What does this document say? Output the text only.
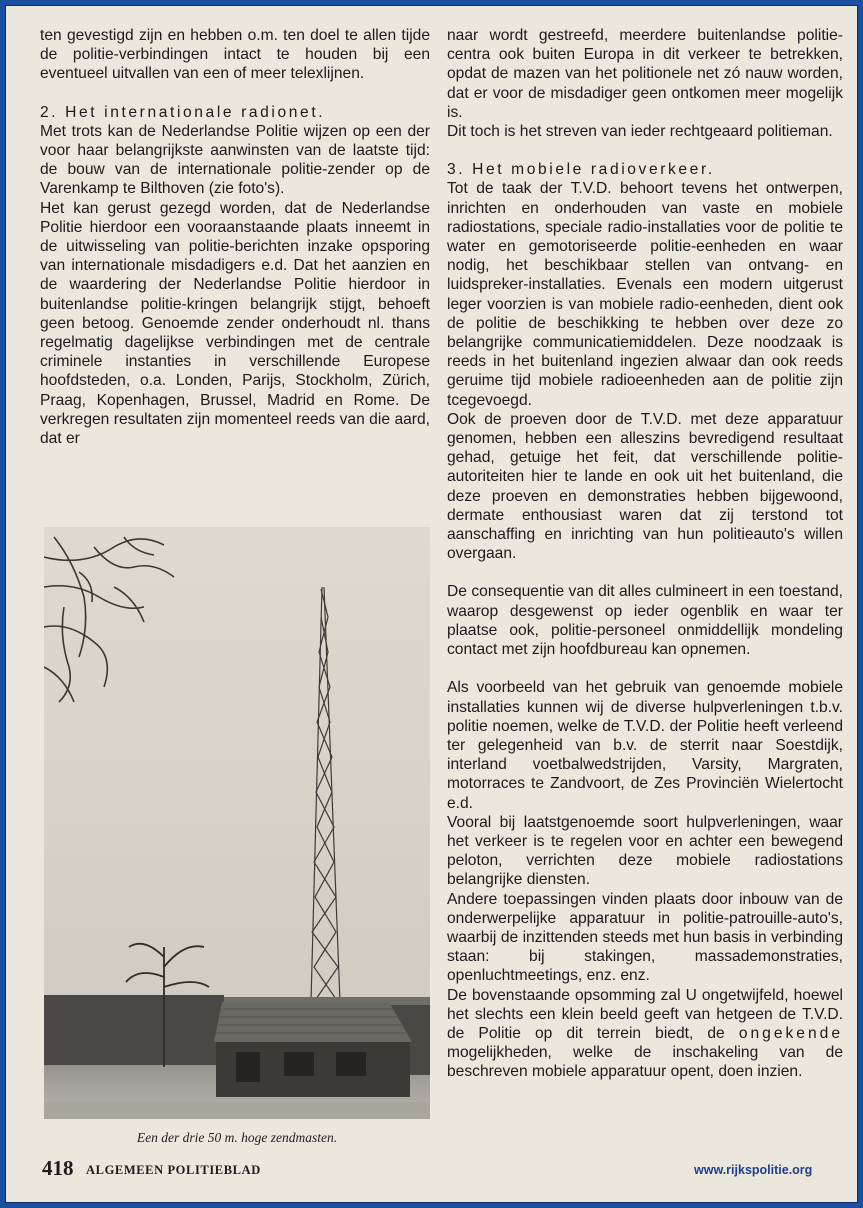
ten gevestigd zijn en hebben o.m. ten doel te allen tijde de politie-verbindingen intact te houden bij een eventueel uitvallen van een of meer telexlijnen.

2. Het internationale radionet.

Met trots kan de Nederlandse Politie wijzen op een der voor haar belangrijkste aanwinsten van de laatste tijd: de bouw van de internationale politie-zender op de Varenkamp te Bilthoven (zie foto's).

Het kan gerust gezegd worden, dat de Nederlandse Politie hierdoor een vooraanstaande plaats inneemt in de uitwisseling van politie-berichten inzake opsporing van internationale misdadigers e.d. Dat het aanzien en de waardering der Nederlandse Politie hierdoor in buitenlandse politie-kringen belangrijk stijgt, behoeft geen betoog. Genoemde zender onderhoudt nl. thans regelmatig dagelijkse verbindingen met de centrale criminele instanties in verschillende Europese hoofdsteden, o.a. Londen, Parijs, Stockholm, Zürich, Praag, Kopenhagen, Brussel, Madrid en Rome. De verkregen resultaten zijn momenteel reeds van die aard, dat er

naar wordt gestreefd, meerdere buitenlandse politie-centra ook buiten Europa in dit verkeer te betrekken, opdat de mazen van het politionele net zó nauw worden, dat er voor de misdadiger geen ontkomen meer mogelijk is.

Dit toch is het streven van ieder rechtgeaard politieman.

3. Het mobiele radioverkeer.

Tot de taak der T.V.D. behoort tevens het ontwerpen, inrichten en onderhouden van vaste en mobiele radiostations, speciale radio-installaties voor de politie te water en gemotoriseerde politie-eenheden en waar nodig, het beschikbaar stellen van ontvang- en luidspreker-installaties. Evenals een modern uitgerust leger voorzien is van mobiele radio-eenheden, dient ook de politie de beschikking te hebben over deze zo belangrijke communicatiemiddelen. Deze noodzaak is reeds in het buitenland ingezien alwaar dan ook reeds geruime tijd mobiele radioeenheden aan de politie zijn tcegevoegd.

Ook de proeven door de T.V.D. met deze apparatuur genomen, hebben een alleszins bevredigend resultaat gehad, getuige het feit, dat verschillende politie-autoriteiten hier te lande en ook uit het buitenland, die deze proeven en demonstraties hebben bijgewoond, dermate enthousiast waren dat zij terstond tot aanschaffing en inrichting van hun politieauto's willen overgaan.

De consequentie van dit alles culmineert in een toestand, waarop desgewenst op ieder ogenblik en waar ter plaatse ook, politie-personeel onmiddellijk mondeling contact met zijn hoofdbureau kan opnemen.

Als voorbeeld van het gebruik van genoemde mobiele installaties kunnen wij de diverse hulpverleningen t.b.v. politie noemen, welke de T.V.D. der Politie heeft verleend ter gelegenheid van b.v. de sterrit naar Soestdijk, interland voetbalwedstrijden, Varsity, Margraten, motorraces te Zandvoort, de Zes Provinciën Wielertocht e.d.

Vooral bij laatstgenoemde soort hulpverleningen, waar het verkeer is te regelen voor en achter een bewegend peloton, verrichten deze mobiele radiostations belangrijke diensten.

Andere toepassingen vinden plaats door inbouw van de onderwerpelijke apparatuur in politie-patrouille-auto's, waarbij de inzittenden steeds met hun basis in verbinding staan: bij stakingen, massademonstraties, openluchtmeetings, enz. enz.

De bovenstaande opsomming zal U ongetwijfeld, hoewel het slechts een klein beeld geeft van hetgeen de T.V.D. de Politie op dit terrein biedt, de ongekende mogelijkheden, welke de inschakeling van de beschreven mobiele apparatuur opent, doen inzien.

Een der drie 50 m. hoge zendmasten.
418 ALGEMEEN POLITIEBLAD	www.rijkspolitie.org
